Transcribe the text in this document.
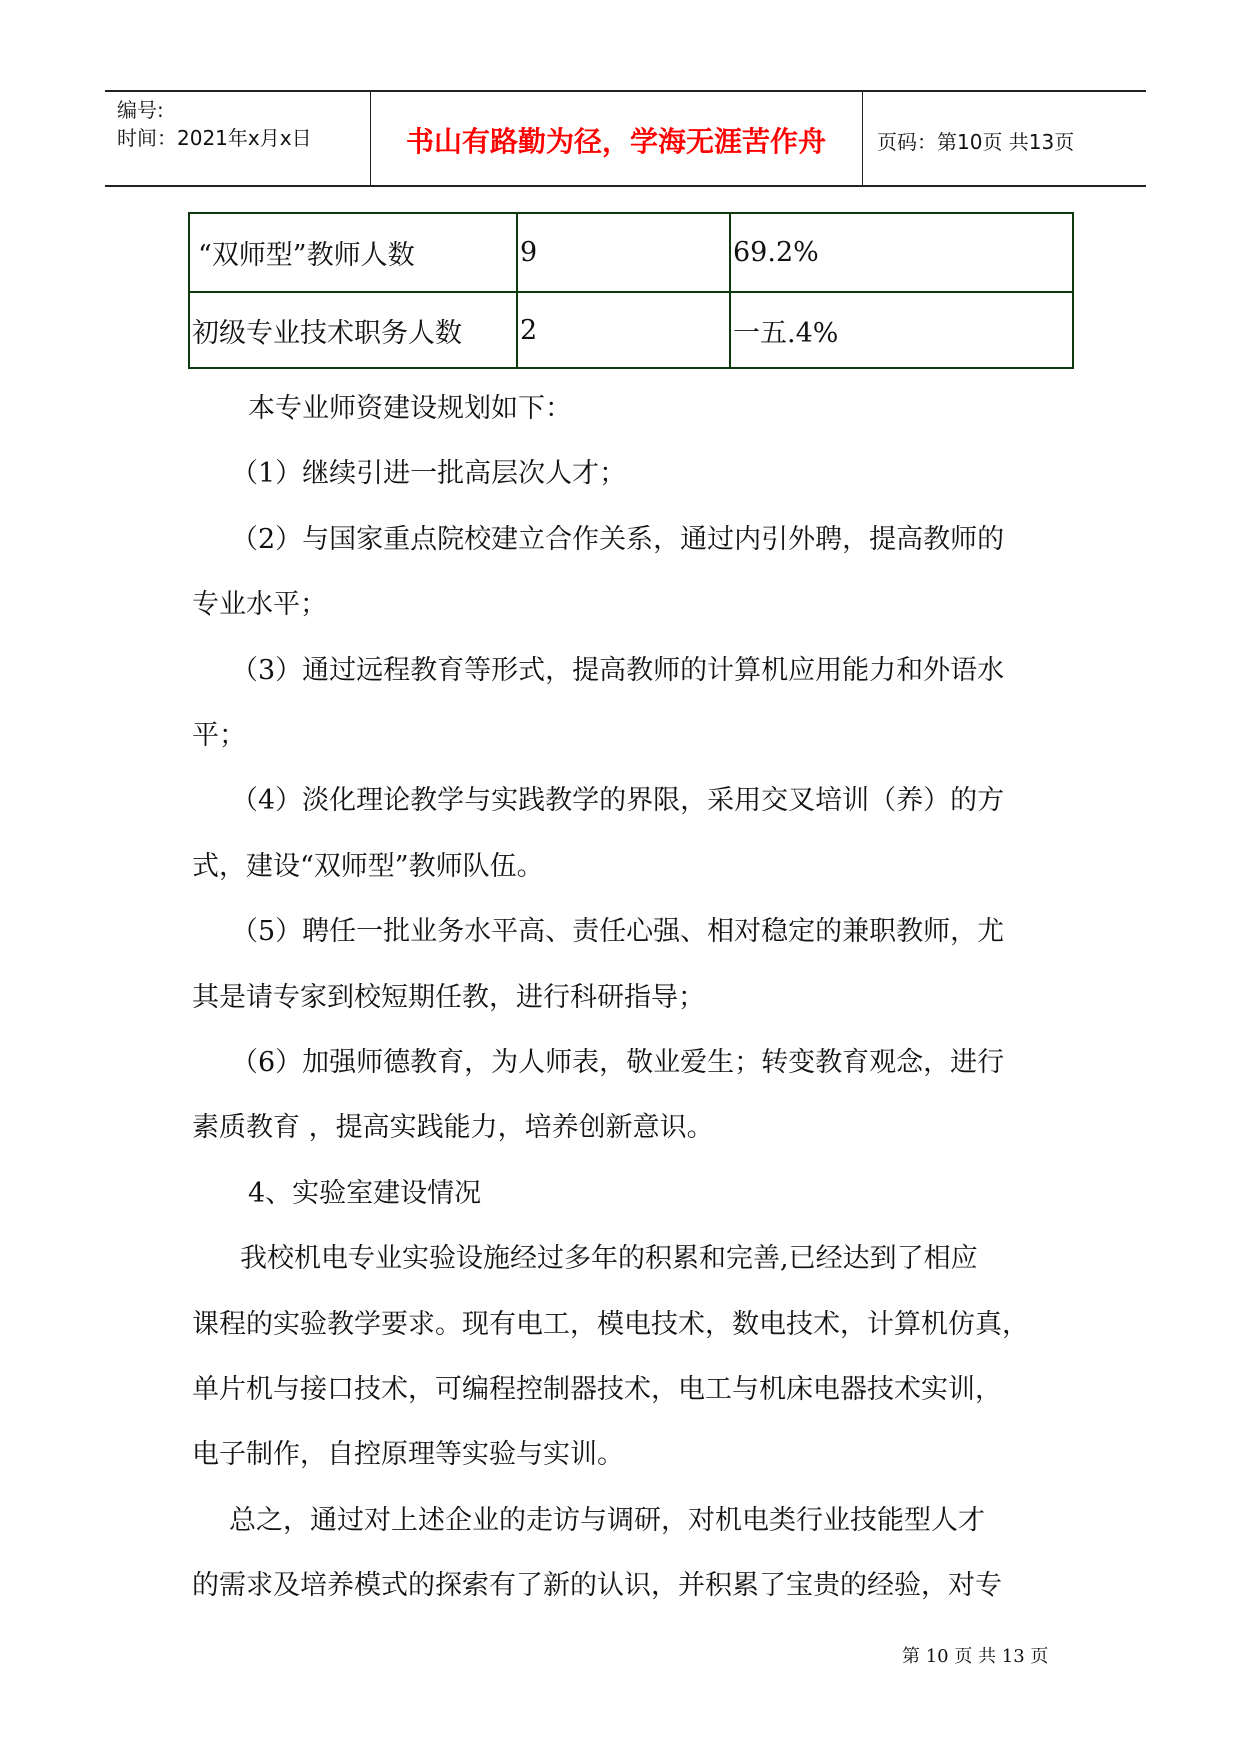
编号:
时间：2021年x月x日	书山有路勤为径，学海无涯苦作舟	页码：第10页 共13页
“双师型”教师人数	9	69.2%
初级专业技术职务人数	2	一五.4%
本专业师资建设规划如下：
（1）继续引进一批高层次人才；
（2）与国家重点院校建立合作关系，通过内引外聘，提高教师的
专业水平；
（3）通过远程教育等形式，提高教师的计算机应用能力和外语水
平；
（4）淡化理论教学与实践教学的界限，采用交叉培训（养）的方
式，建设“双师型”教师队伍。
（5）聘任一批业务水平高、责任心强、相对稳定的兼职教师，尤
其是请专家到校短期任教，进行科研指导；
（6）加强师德教育，为人师表，敬业爱生；转变教育观念，进行
素质教育 ，提高实践能力，培养创新意识。
4、实验室建设情况
我校机电专业实验设施经过多年的积累和完善,已经达到了相应
课程的实验教学要求。现有电工，模电技术，数电技术，计算机仿真，
单片机与接口技术，可编程控制器技术，电工与机床电器技术实训，
电子制作，自控原理等实验与实训。
总之，通过对上述企业的走访与调研，对机电类行业技能型人才
的需求及培养模式的探索有了新的认识，并积累了宝贵的经验，对专
第 10 页 共 13 页
